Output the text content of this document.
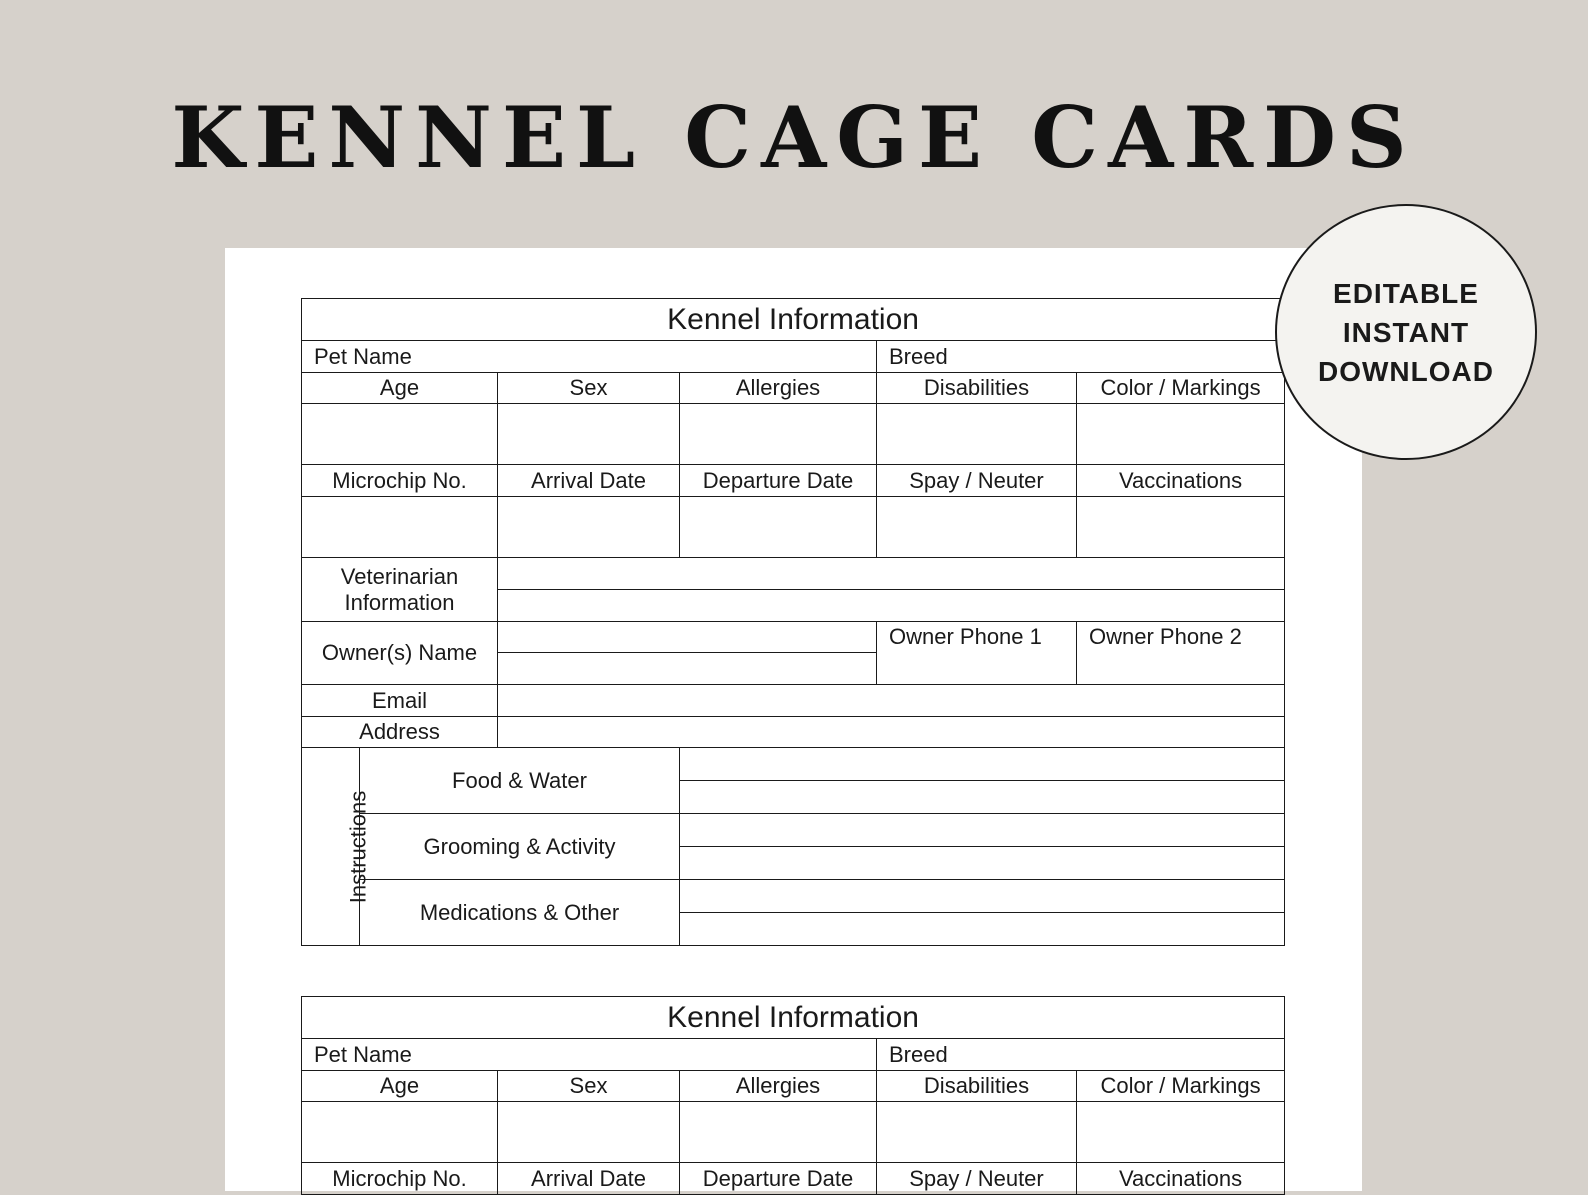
KENNEL CAGE CARDS
Kennel Information					
Pet Name				Breed	
Age		Sex	Allergies	Disabilities	Color / Markings

Microchip No.		Arrival Date	Departure Date	Spay / Neuter	Vaccinations

Veterinarian
Information					

Owner(s) Name				Owner Phone 1	Owner Phone 2

Email					
Address					
Instructions	Food & Water				

	Grooming & Activity				

	Medications & Other				

Kennel Information				
Pet Name			Breed	
Age	Sex	Allergies	Disabilities	Color / Markings

Microchip No.	Arrival Date	Departure Date	Spay / Neuter	Vaccinations
EDITABLE
INSTANT
DOWNLOAD
